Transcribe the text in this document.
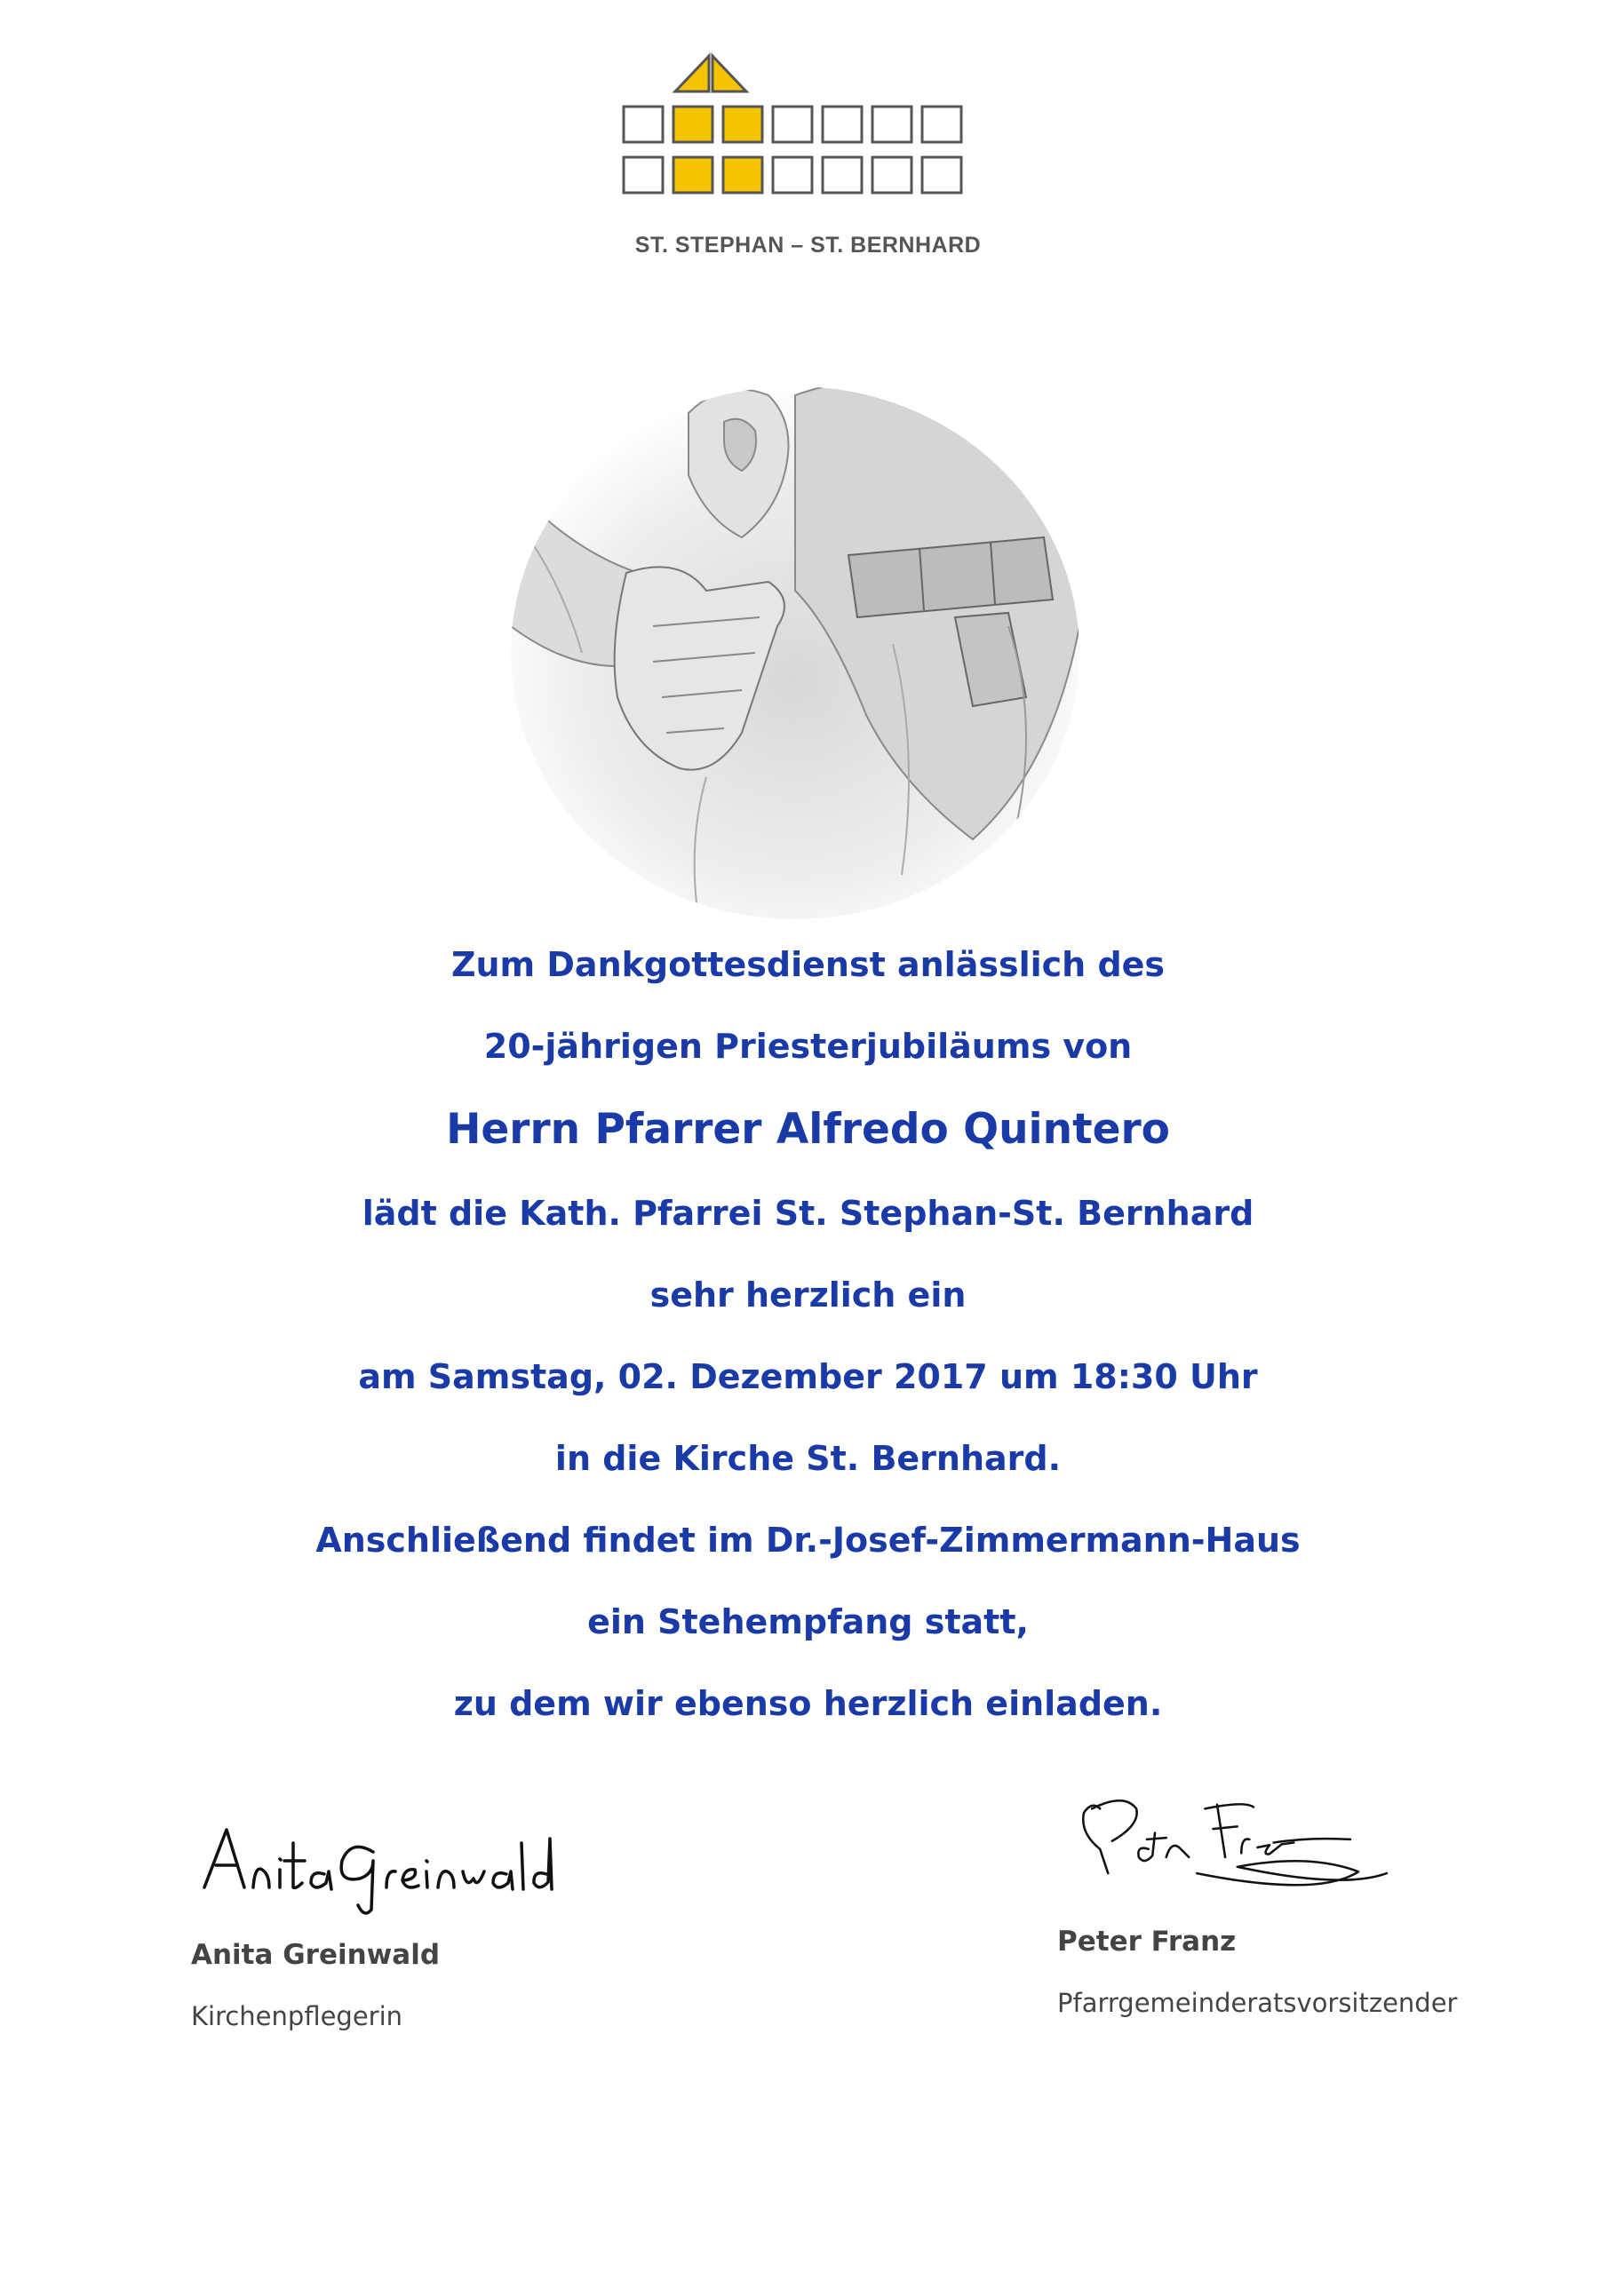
ST. STEPHAN – ST. BERNHARD
Zum Dankgottesdienst anlässlich des
20-jährigen Priesterjubiläums von
Herrn Pfarrer Alfredo Quintero
lädt die Kath. Pfarrei St. Stephan-St. Bernhard
sehr herzlich ein
am Samstag, 02. Dezember 2017 um 18:30 Uhr
in die Kirche St. Bernhard.
Anschließend findet im Dr.-Josef-Zimmermann-Haus
ein Stehempfang statt,
zu dem wir ebenso herzlich einladen.
Anita Greinwald
Kirchenpflegerin
Peter Franz
Pfarrgemeinderatsvorsitzender
